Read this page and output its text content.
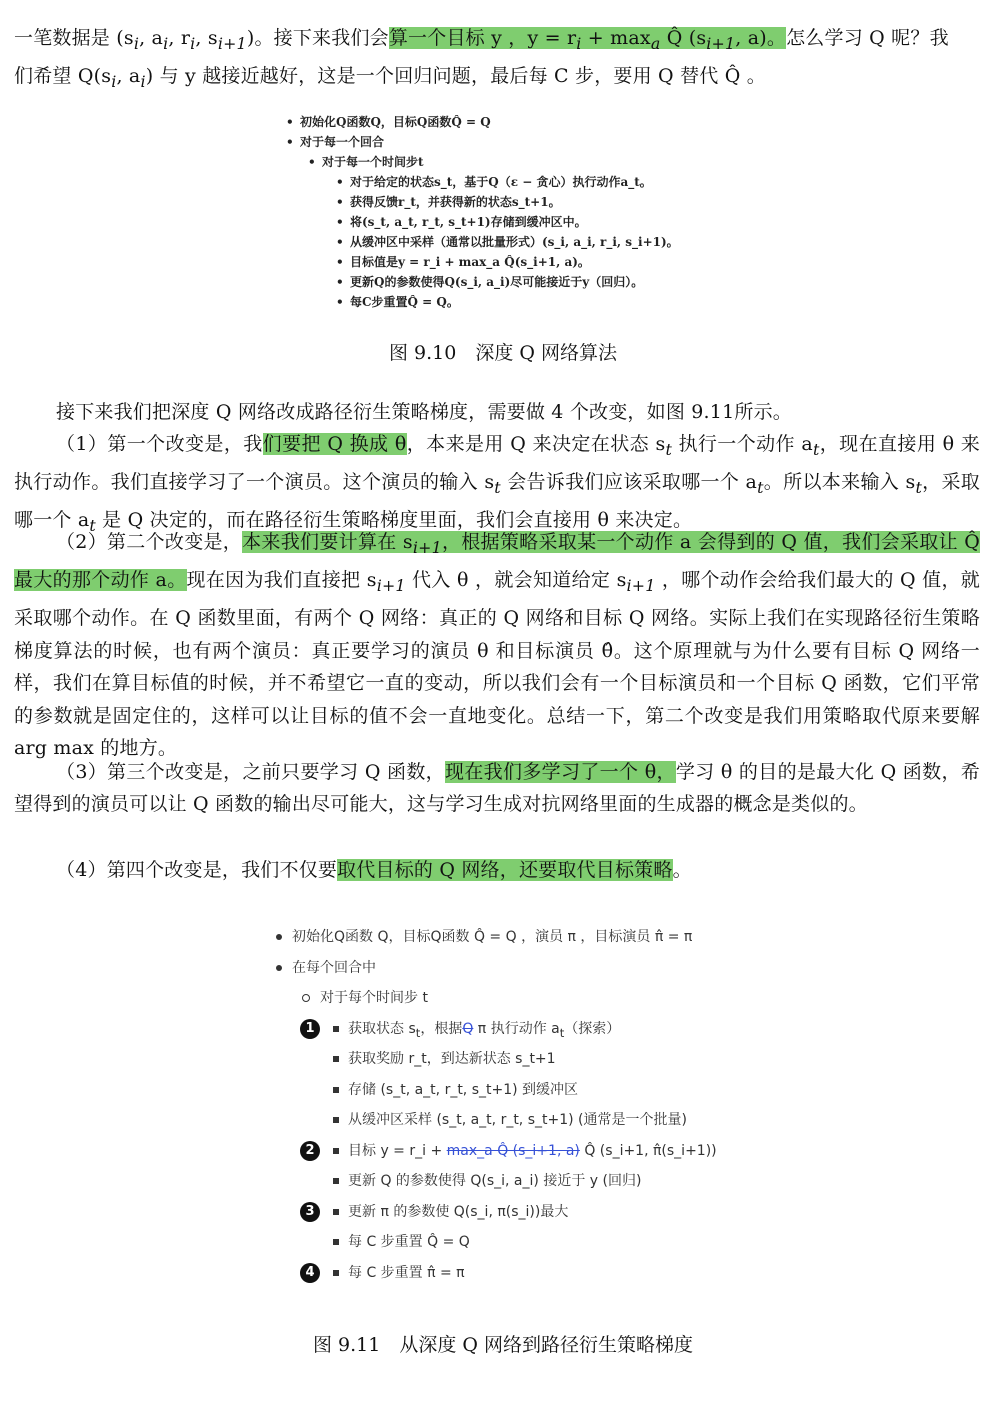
一笔数据是 ($s_i$, $a_i$, $r_i$, $s_{i+1}$)。接下来我们会算一个目标 y ，$y = r_i + \max_a$ Q̂ ($s_{i+1}$, a)。怎么学习 Q 呢？我
们希望 $Q(s_i$, $a_i$) 与 y 越接近越好，这是一个回归问题，最后每 C 步，要用 Q 替代 Q̂ 。
• 初始化Q函数Q，目标Q函数Q̂ = Q
• 对于每一个回合
• 对于每一个时间步t
• 对于给定的状态s_t，基于Q（ε − 贪心）执行动作a_t。
• 获得反馈r_t，并获得新的状态s_t+1。
• 将(s_t, a_t, r_t, s_t+1)存储到缓冲区中。
• 从缓冲区中采样（通常以批量形式）(s_i, a_i, r_i, s_i+1)。
• 目标值是y = r_i + max_a Q̂(s_i+1, a)。
• 更新Q的参数使得Q(s_i, a_i)尽可能接近于y（回归）。
• 每C步重置Q̂ = Q。
图 9.10　深度 Q 网络算法
接下来我们把深度 Q 网络改成路径衍生策略梯度，需要做 4 个改变，如图 9.11所示。
（1）第一个改变是，我们要把 Q 换成 θ，本来是用 Q 来决定在状态 $s_t$ 执行一个动作 $a_t$，现在直接用 θ 来执行动作。我们直接学习了一个演员。这个演员的输入 $s_t$ 会告诉我们应该采取哪一个 $a_t$。所以本来输入 $s_t$，采取哪一个 $a_t$ 是 Q 决定的，而在路径衍生策略梯度里面，我们会直接用 θ 来决定。
（2）第二个改变是，本来我们要计算在 $s_{i+1}$，根据策略采取某一个动作 a 会得到的 Q 值，我们会采取让 Q̂ 最大的那个动作 a。现在因为我们直接把 $s_{i+1}$ 代入 θ ，就会知道给定 $s_{i+1}$ ，哪个动作会给我们最大的 Q 值，就采取哪个动作。在 Q 函数里面，有两个 Q 网络：真正的 Q 网络和目标 Q 网络。实际上我们在实现路径衍生策略梯度算法的时候，也有两个演员：真正要学习的演员 θ 和目标演员 θ̂。这个原理就与为什么要有目标 Q 网络一样，我们在算目标值的时候，并不希望它一直的变动，所以我们会有一个目标演员和一个目标 Q 函数，它们平常的参数就是固定住的，这样可以让目标的值不会一直地变化。总结一下，第二个改变是我们用策略取代原来要解 arg max 的地方。
（3）第三个改变是，之前只要学习 Q 函数，现在我们多学习了一个 θ，学习 θ 的目的是最大化 Q 函数，希望得到的演员可以让 Q 函数的输出尽可能大，这与学习生成对抗网络里面的生成器的概念是类似的。
（4）第四个改变是，我们不仅要取代目标的 Q 网络，还要取代目标策略。
初始化Q函数 Q，目标Q函数 Q̂ = Q ，演员 π ，目标演员 π̂ = π
在每个回合中
对于每个时间步 t
1	获取状态 $s_t$，根据Q π 执行动作 $a_t$（探索）
获取奖励 r_t，到达新状态 s_t+1
存储 (s_t, a_t, r_t, s_t+1) 到缓冲区
从缓冲区采样 (s_t, a_t, r_t, s_t+1) (通常是一个批量)
2	目标 y = r_i + max_a Q̂ (s_i+1, a) Q̂ (s_i+1, π̂(s_i+1))
更新 Q 的参数使得 Q(s_i, a_i) 接近于 y (回归)
3	更新 π 的参数使 Q(s_i, π(s_i))最大
每 C 步重置 Q̂ = Q
4	每 C 步重置 π̂ = π
图 9.11　从深度 Q 网络到路径衍生策略梯度
